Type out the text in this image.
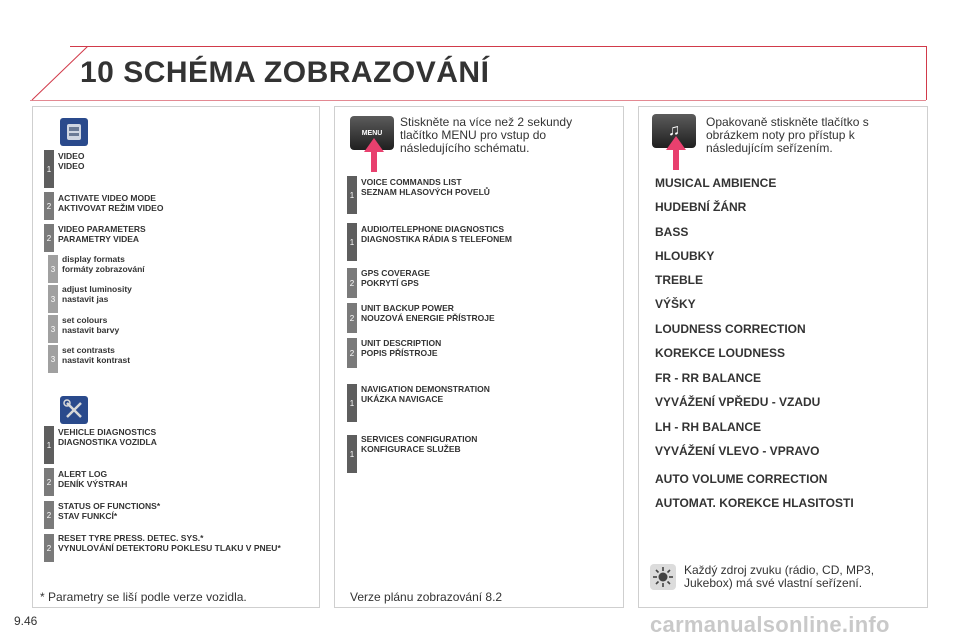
10 SCHÉMA ZOBRAZOVÁNÍ
1
VIDEO
VIDEO
2
ACTIVATE VIDEO MODE
AKTIVOVAT REŽIM VIDEO
2
VIDEO PARAMETERS
PARAMETRY VIDEA
3
display formats
formáty zobrazování
3
adjust luminosity
nastavit jas
3
set colours
nastavit barvy
3
set contrasts
nastavit kontrast
1
VEHICLE DIAGNOSTICS
DIAGNOSTIKA VOZIDLA
2
ALERT LOG
DENÍK VÝSTRAH
2
STATUS OF FUNCTIONS*
STAV FUNKCÍ*
2
RESET TYRE PRESS. DETEC. SYS.*
VYNULOVÁNÍ DETEKTORU POKLESU TLAKU V PNEU*
* Parametry se liší podle verze vozidla.
MENU
Stiskněte na více než 2 sekundy tlačítko MENU pro vstup do následujícího schématu.
1
VOICE COMMANDS LIST
SEZNAM HLASOVÝCH POVELŮ
1
AUDIO/TELEPHONE DIAGNOSTICS
DIAGNOSTIKA RÁDIA S TELEFONEM
2
GPS COVERAGE
POKRYTÍ GPS
2
UNIT BACKUP POWER
NOUZOVÁ ENERGIE PŘÍSTROJE
2
UNIT DESCRIPTION
POPIS PŘÍSTROJE
1
NAVIGATION DEMONSTRATION
UKÁZKA NAVIGACE
1
SERVICES CONFIGURATION
KONFIGURACE SLUŽEB
Verze plánu zobrazování 8.2
♫	Opakovaně stiskněte tlačítko s obrázkem noty pro přístup k následujícím seřízením.
MUSICAL AMBIENCE
HUDEBNÍ ŽÁNR
BASS
HLOUBKY
TREBLE
VÝŠKY
LOUDNESS CORRECTION
KOREKCE LOUDNESS
FR - RR BALANCE
VYVÁŽENÍ VPŘEDU - VZADU
LH - RH BALANCE
VYVÁŽENÍ VLEVO - VPRAVO
AUTO VOLUME CORRECTION
AUTOMAT. KOREKCE HLASITOSTI
Každý zdroj zvuku (rádio, CD, MP3, Jukebox) má své vlastní seřízení.
9.46	carmanualsonline.info
